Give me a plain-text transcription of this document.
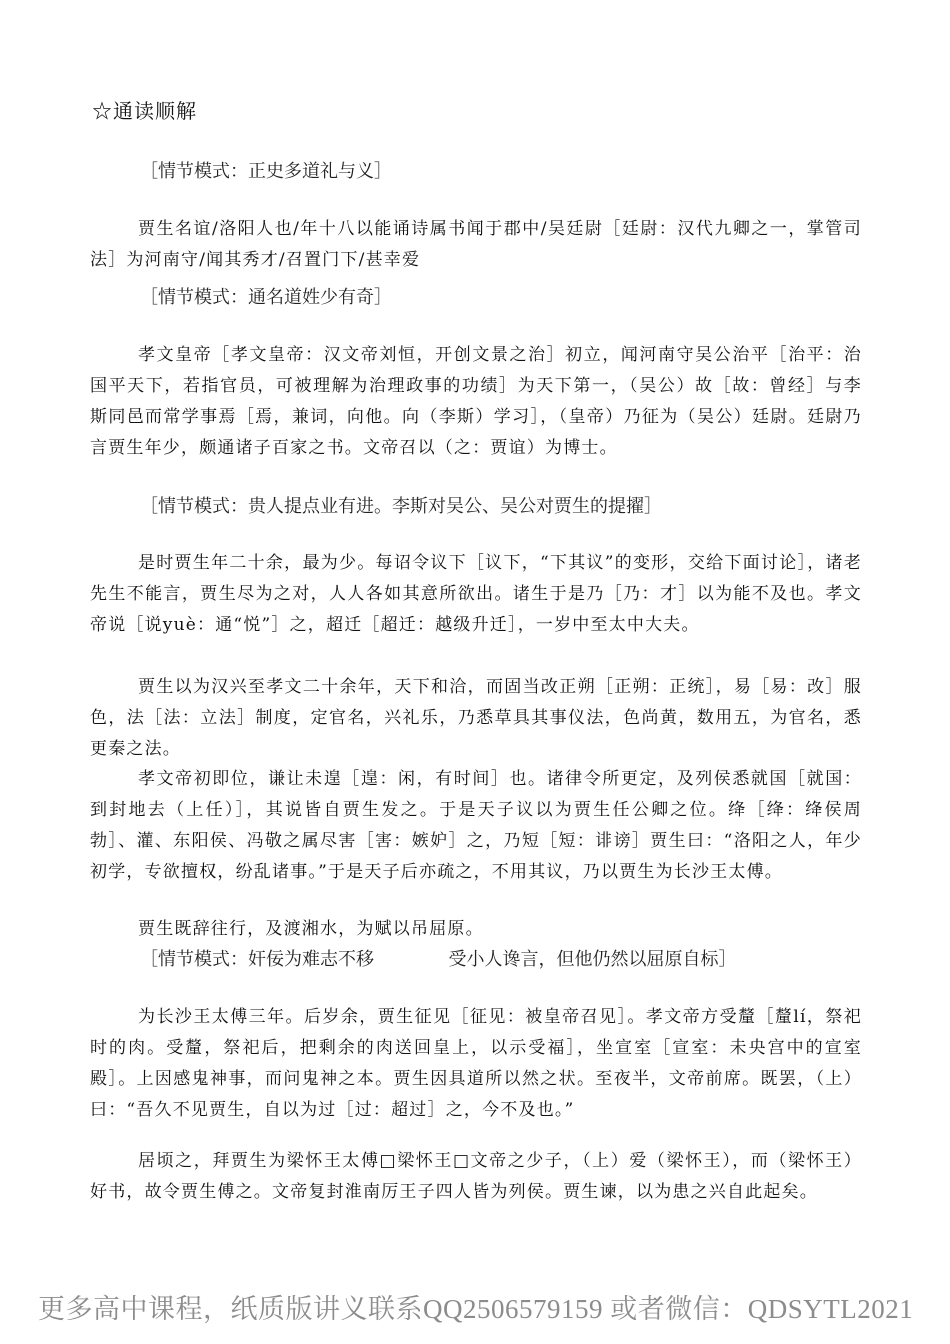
☆通读顺解
［情节模式：正史多道礼与义］
贾生名谊/洛阳人也/年十八以能诵诗属书闻于郡中/吴廷尉［廷尉：汉代九卿之一，掌管司法］为河南守/闻其秀才/召置门下/甚幸爱
［情节模式：通名道姓少有奇］
孝文皇帝［孝文皇帝：汉文帝刘恒，开创文景之治］初立，闻河南守吴公治平［治平：治国平天下，若指官员，可被理解为治理政事的功绩］为天下第一，（吴公）故［故：曾经］与李斯同邑而常学事焉［焉，兼词，向他。向（李斯）学习］，（皇帝）乃征为（吴公）廷尉。廷尉乃言贾生年少，颇通诸子百家之书。文帝召以（之：贾谊）为博士。
［情节模式：贵人提点业有进。李斯对吴公、吴公对贾生的提擢］
是时贾生年二十余，最为少。每诏令议下［议下，“下其议”的变形，交给下面讨论］，诸老先生不能言，贾生尽为之对，人人各如其意所欲出。诸生于是乃［乃：才］以为能不及也。孝文帝说［说yuè：通“悦”］之，超迁［超迁：越级升迁］，一岁中至太中大夫。
贾生以为汉兴至孝文二十余年，天下和洽，而固当改正朔［正朔：正统］，易［易：改］服色，法［法：立法］制度，定官名，兴礼乐，乃悉草具其事仪法，色尚黄，数用五，为官名，悉更秦之法。
孝文帝初即位，谦让未遑［遑：闲，有时间］也。诸律令所更定，及列侯悉就国［就国：到封地去（上任）］，其说皆自贾生发之。于是天子议以为贾生任公卿之位。绛［绛：绛侯周勃］、灌、东阳侯、冯敬之属尽害［害：嫉妒］之，乃短［短：诽谤］贾生曰：“洛阳之人，年少初学，专欲擅权，纷乱诸事。”于是天子后亦疏之，不用其议，乃以贾生为长沙王太傅。
贾生既辞往行，及渡湘水，为赋以吊屈原。
［情节模式：奸佞为难志不移	受小人谗言，但他仍然以屈原自标］
为长沙王太傅三年。后岁余，贾生征见［征见：被皇帝召见］。孝文帝方受釐［釐lí，祭祀时的肉。受釐，祭祀后，把剩余的肉送回皇上，以示受福］，坐宣室［宣室：未央宫中的宣室殿］。上因感鬼神事，而问鬼神之本。贾生因具道所以然之状。至夜半，文帝前席。既罢，（上）曰：“吾久不见贾生，自以为过［过：超过］之，今不及也。”
居顷之，拜贾生为梁怀王太傅□梁怀王□文帝之少子，（上）爱（梁怀王），而（梁怀王）好书，故令贾生傅之。文帝复封淮南厉王子四人皆为列侯。贾生谏，以为患之兴自此起矣。
更多高中课程，纸质版讲义联系QQ2506579159 或者微信：QDSYTL2021
